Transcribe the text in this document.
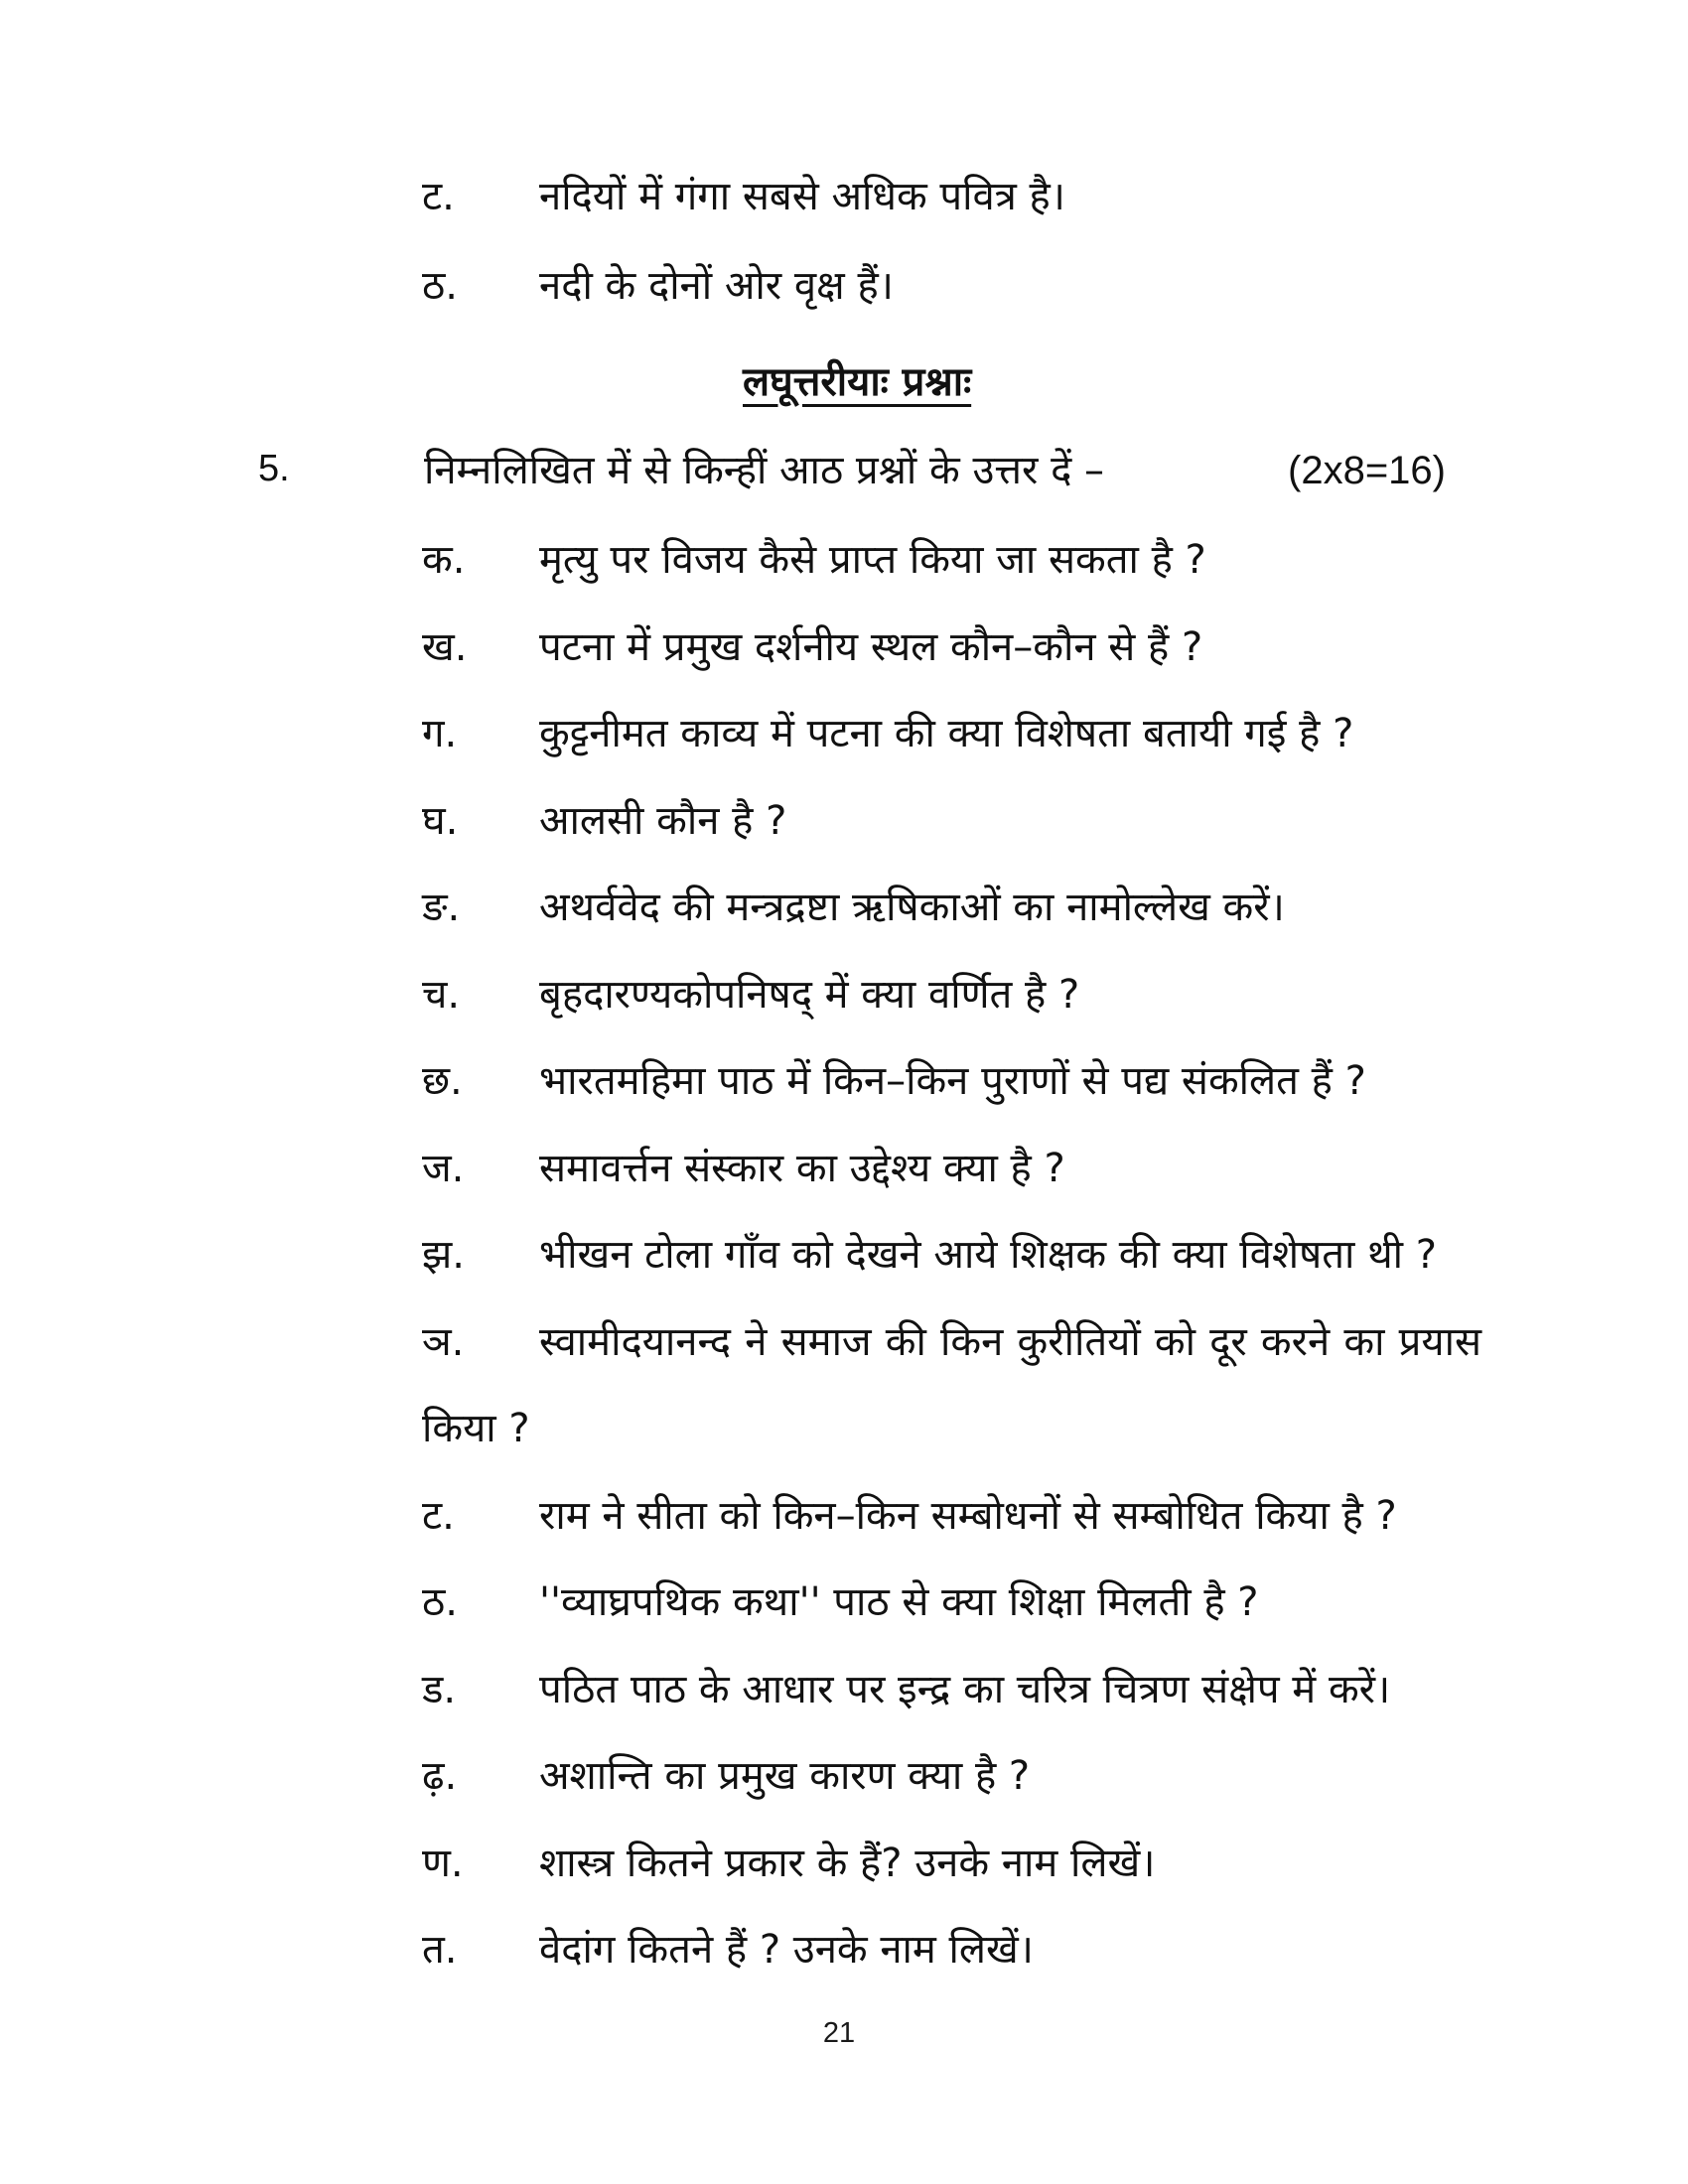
लघूत्तरीयाः प्रश्नाः
5.	निम्नलिखित में से किन्हीं आठ प्रश्नों के उत्तर दें –	(2x8=16)
ट. नदियों में गंगा सबसे अधिक पवित्र है।
ठ. नदी के दोनों ओर वृक्ष हैं।
क. मृत्यु पर विजय कैसे प्राप्त किया जा सकता है ?
ख. पटना में प्रमुख दर्शनीय स्थल कौन–कौन से हैं ?
ग. कुट्टनीमत काव्य में पटना की क्या विशेषता बतायी गई है ?
घ. आलसी कौन है ?
ङ. अथर्ववेद की मन्त्रद्रष्टा ऋषिकाओं का नामोल्लेख करें।
च. बृहदारण्यकोपनिषद् में क्या वर्णित है ?
छ. भारतमहिमा पाठ में किन–किन पुराणों से पद्य संकलित हैं ?
ज. समावर्त्तन संस्कार का उद्देश्य क्या है ?
झ. भीखन टोला गाँव को देखने आये शिक्षक की क्या विशेषता थी ?
ञ. स्वामीदयानन्द ने समाज की किन कुरीतियों को दूर करने का प्रयास
किया ?
ट. राम ने सीता को किन–किन सम्बोधनों से सम्बोधित किया है ?
ठ. ''व्याघ्रपथिक कथा'' पाठ से क्या शिक्षा मिलती है ?
ड. पठित पाठ के आधार पर इन्द्र का चरित्र चित्रण संक्षेप में करें।
ढ़. अशान्ति का प्रमुख कारण क्या है ?
ण. शास्त्र कितने प्रकार के हैं? उनके नाम लिखें।
त. वेदांग कितने हैं ? उनके नाम लिखें।
21
